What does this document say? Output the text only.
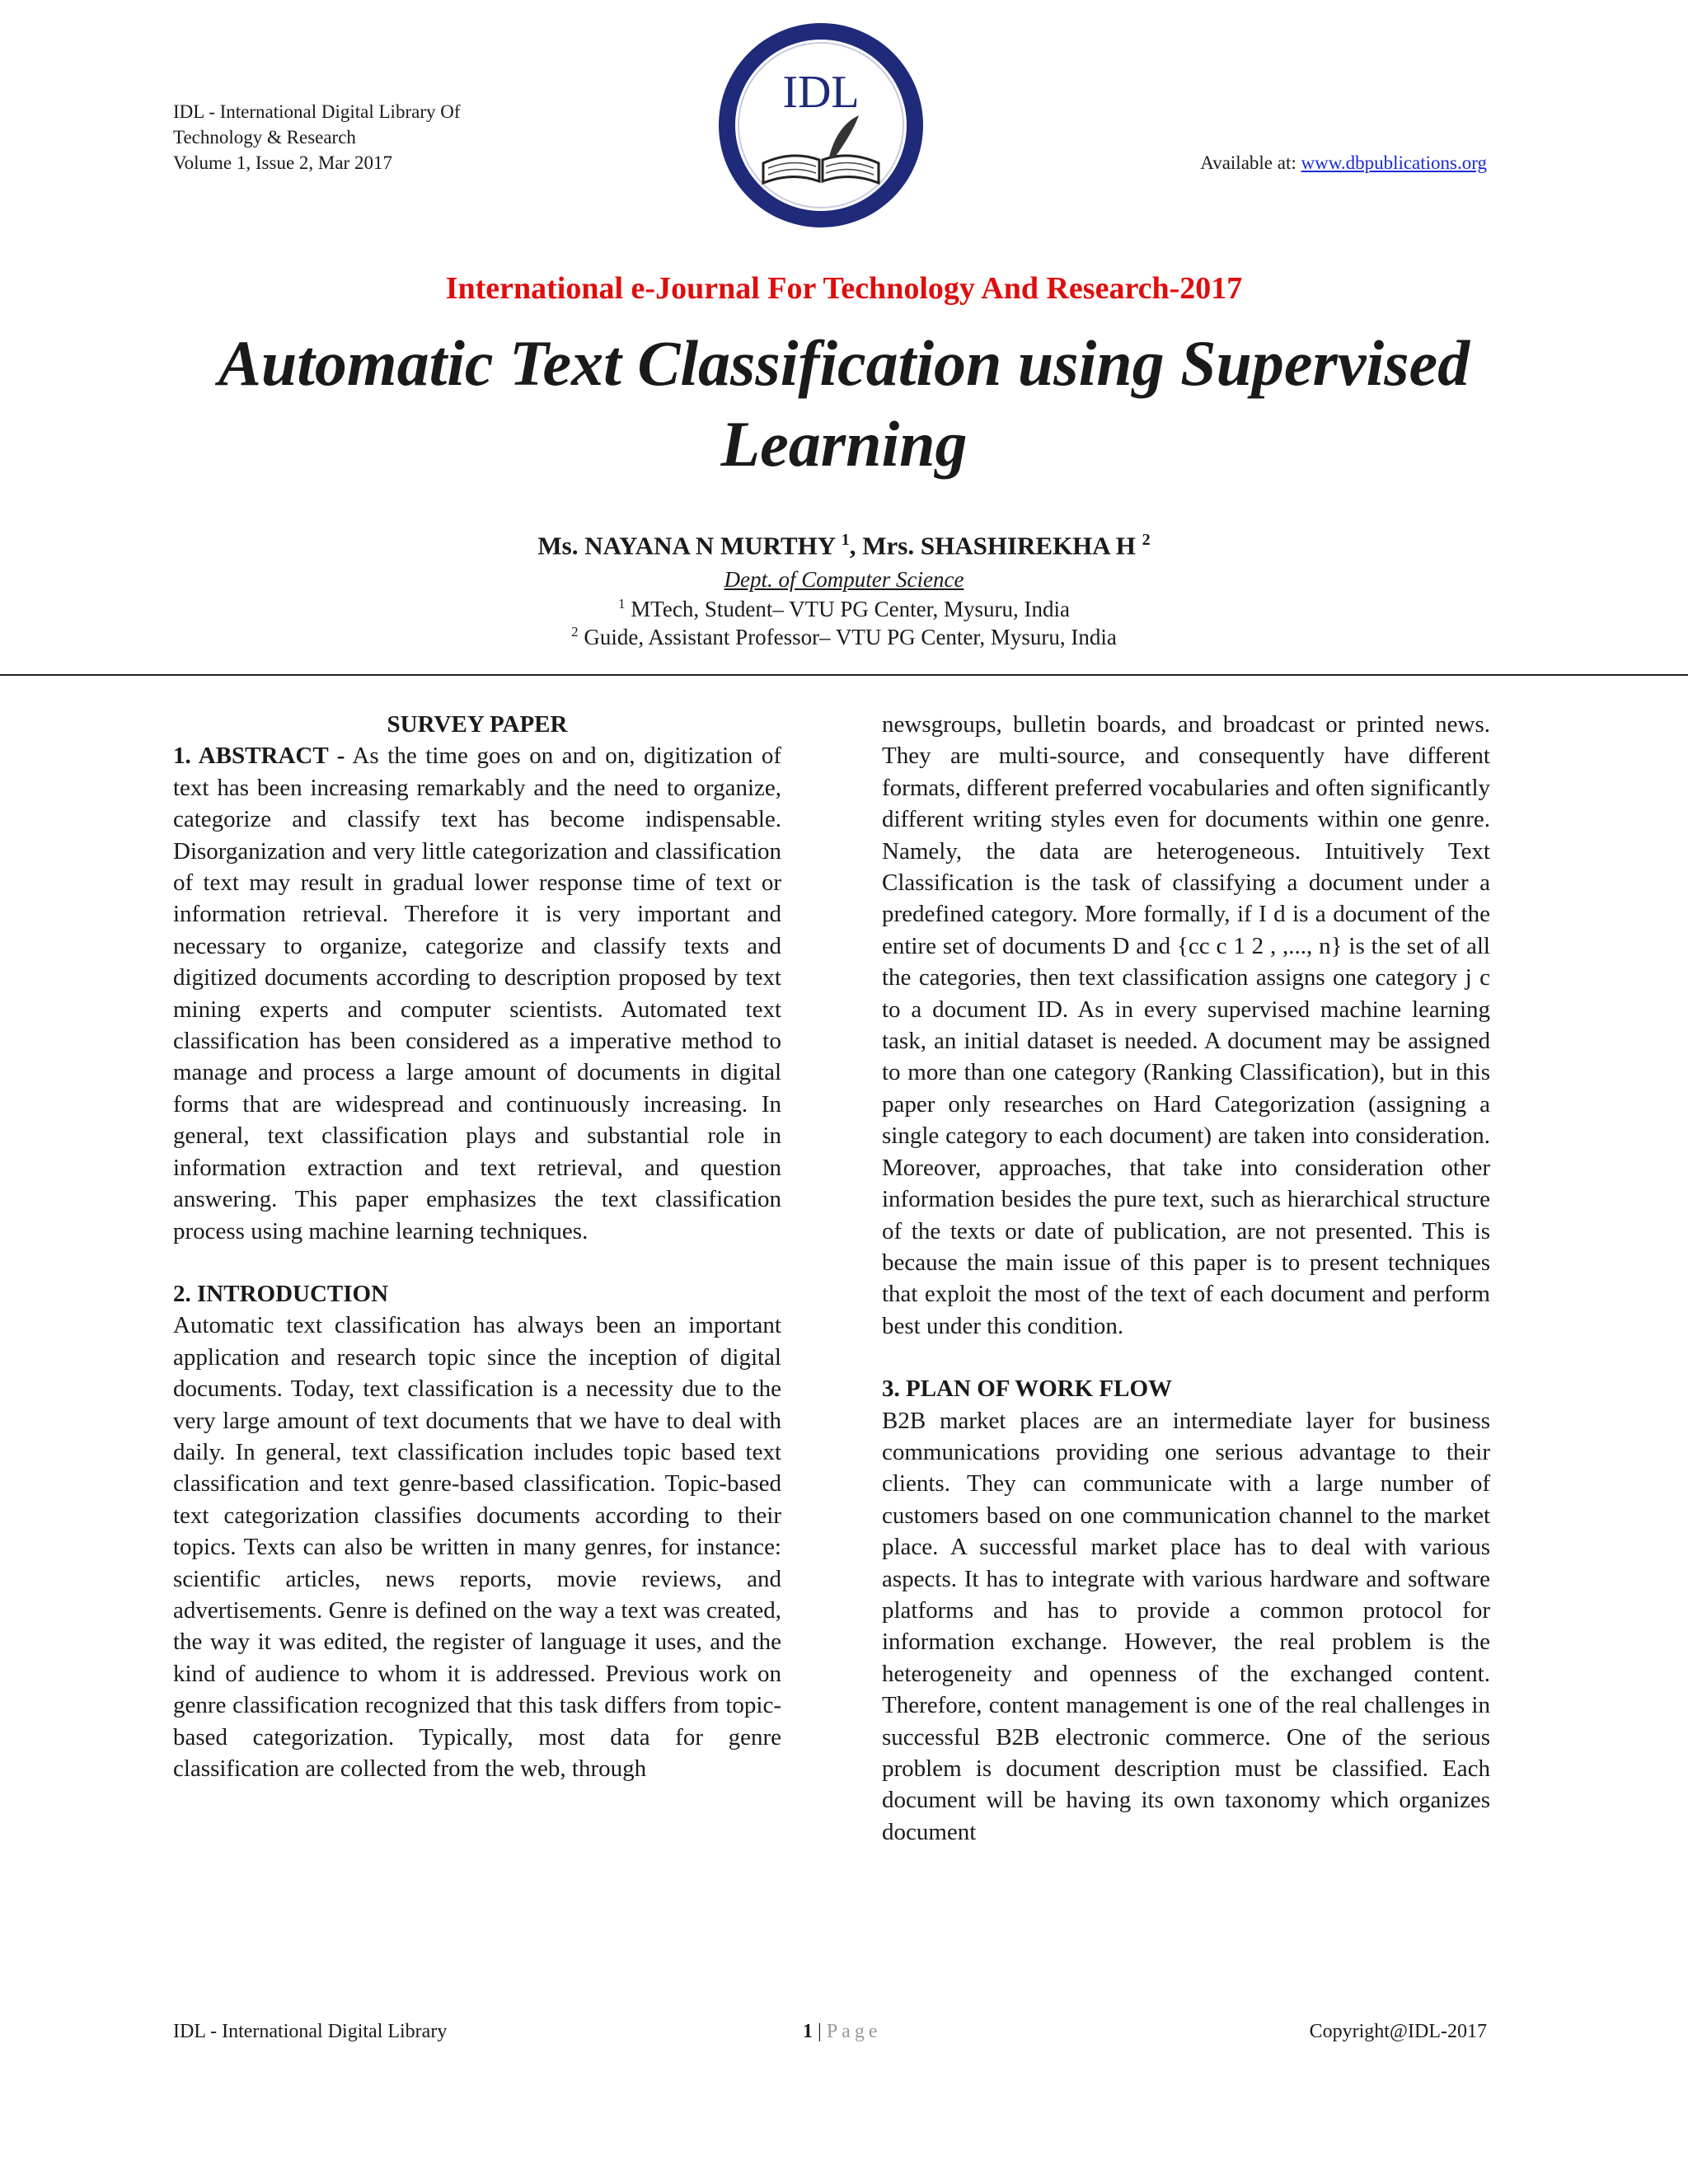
IDL - International Digital Library Of
Technology & Research
Volume 1, Issue 2, Mar 2017
IDL
Available at: www.dbpublications.org
International e-Journal For Technology And Research-2017
Automatic Text Classification using Supervised Learning
Ms. NAYANA N MURTHY $^1$, Mrs. SHASHIREKHA H $^2$
Dept. of Computer Science
$^1$ MTech, Student– VTU PG Center, Mysuru, India
$^2$ Guide, Assistant Professor– VTU PG Center, Mysuru, India

SURVEY PAPER

1. ABSTRACT - As the time goes on and on, digitization of text has been increasing remarkably and the need to organize, categorize and classify text has become indispensable. Disorganization and very little categorization and classification of text may result in gradual lower response time of text or information retrieval. Therefore it is very important and necessary to organize, categorize and classify texts and digitized documents according to description proposed by text mining experts and computer scientists. Automated text classification has been considered as a imperative method to manage and process a large amount of documents in digital forms that are widespread and continuously increasing. In general, text classification plays and substantial role in information extraction and text retrieval, and question answering. This paper emphasizes the text classification process using machine learning techniques.

2. INTRODUCTION

Automatic text classification has always been an important application and research topic since the inception of digital documents. Today, text classification is a necessity due to the very large amount of text documents that we have to deal with daily. In general, text classification includes topic based text classification and text genre-based classification. Topic-based text categorization classifies documents according to their topics. Texts can also be written in many genres, for instance: scientific articles, news reports, movie reviews, and advertisements. Genre is defined on the way a text was created, the way it was edited, the register of language it uses, and the kind of audience to whom it is addressed. Previous work on genre classification recognized that this task differs from topic-based categorization. Typically, most data for genre classification are collected from the web, through

newsgroups, bulletin boards, and broadcast or printed news. They are multi-source, and consequently have different formats, different preferred vocabularies and often significantly different writing styles even for documents within one genre. Namely, the data are heterogeneous. Intuitively Text Classification is the task of classifying a document under a predefined category. More formally, if I d is a document of the entire set of documents D and {cc c 1 2 , ,..., n} is the set of all the categories, then text classification assigns one category j c to a document ID. As in every supervised machine learning task, an initial dataset is needed. A document may be assigned to more than one category (Ranking Classification), but in this paper only researches on Hard Categorization (assigning a single category to each document) are taken into consideration. Moreover, approaches, that take into consideration other information besides the pure text, such as hierarchical structure of the texts or date of publication, are not presented. This is because the main issue of this paper is to present techniques that exploit the most of the text of each document and perform best under this condition.

3. PLAN OF WORK FLOW

B2B market places are an intermediate layer for business communications providing one serious advantage to their clients. They can communicate with a large number of customers based on one communication channel to the market place. A successful market place has to deal with various aspects. It has to integrate with various hardware and software platforms and has to provide a common protocol for information exchange. However, the real problem is the heterogeneity and openness of the exchanged content. Therefore, content management is one of the real challenges in successful B2B electronic commerce. One of the serious problem is document description must be classified. Each document will be having its own taxonomy which organizes document

IDL - International Digital Library	1 | Page	Copyright@IDL-2017
